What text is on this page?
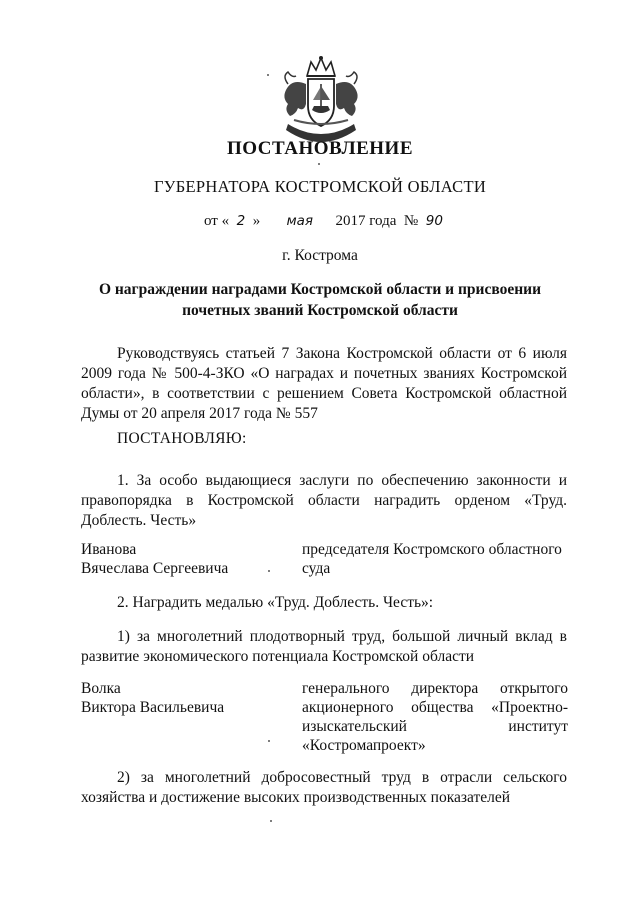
ПОСТАНОВЛЕНИЕ
ГУБЕРНАТОРА КОСТРОМСКОЙ ОБЛАСТИ
от « 2 » мая 2017 года № 90
г. Кострома
О награждении наградами Костромской области и присвоении
почетных званий Костромской области
Руководствуясь статьей 7 Закона Костромской области от 6 июля 2009 года № 500-4-ЗКО «О наградах и почетных званиях Костромской области», в соответствии с решением Совета Костромской областной Думы от 20 апреля 2017 года № 557
ПОСТАНОВЛЯЮ:
1. За особо выдающиеся заслуги по обеспечению законности и правопорядка в Костромской области наградить орденом «Труд. Доблесть. Честь»
Иванова
Вячеслава Сергеевича
председателя Костромского областного
суда
2. Наградить медалью «Труд. Доблесть. Честь»:
1) за многолетний плодотворный труд, большой личный вклад в развитие экономического потенциала Костромской области
Волка
Виктора Васильевича
генерального директора открытого акционерного общества «Проектно-изыскательский институт «Костромапроект»
2) за многолетний добросовестный труд в отрасли сельского хозяйства и достижение высоких производственных показателей
